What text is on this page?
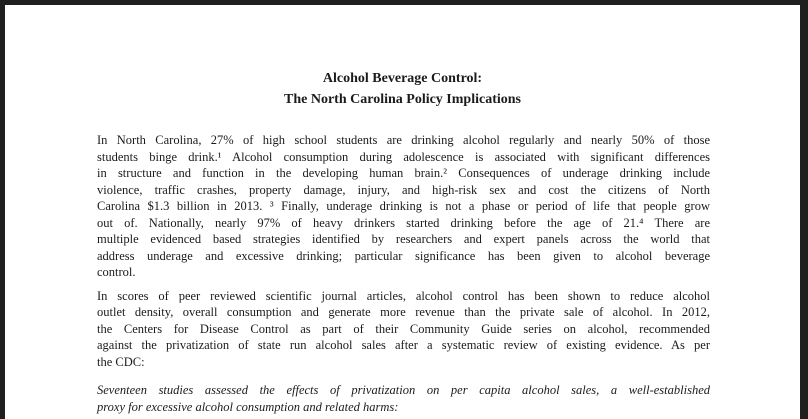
Alcohol Beverage Control:
The North Carolina Policy Implications
In North Carolina, 27% of high school students are drinking alcohol regularly and nearly 50% of those
students binge drink.¹ Alcohol consumption during adolescence is associated with significant differences
in structure and function in the developing human brain.² Consequences of underage drinking include
violence, traffic crashes, property damage, injury, and high-risk sex and cost the citizens of North
Carolina $1.3 billion in 2013. ³ Finally, underage drinking is not a phase or period of life that people grow
out of. Nationally, nearly 97% of heavy drinkers started drinking before the age of 21.⁴ There are
multiple evidenced based strategies identified by researchers and expert panels across the world that
address underage and excessive drinking; particular significance has been given to alcohol beverage
control.
In scores of peer reviewed scientific journal articles, alcohol control has been shown to reduce alcohol
outlet density, overall consumption and generate more revenue than the private sale of alcohol. In 2012,
the Centers for Disease Control as part of their Community Guide series on alcohol, recommended
against the privatization of state run alcohol sales after a systematic review of existing evidence. As per
the CDC:
Seventeen studies assessed the effects of privatization on per capita alcohol sales, a well-established
proxy for excessive alcohol consumption and related harms:
